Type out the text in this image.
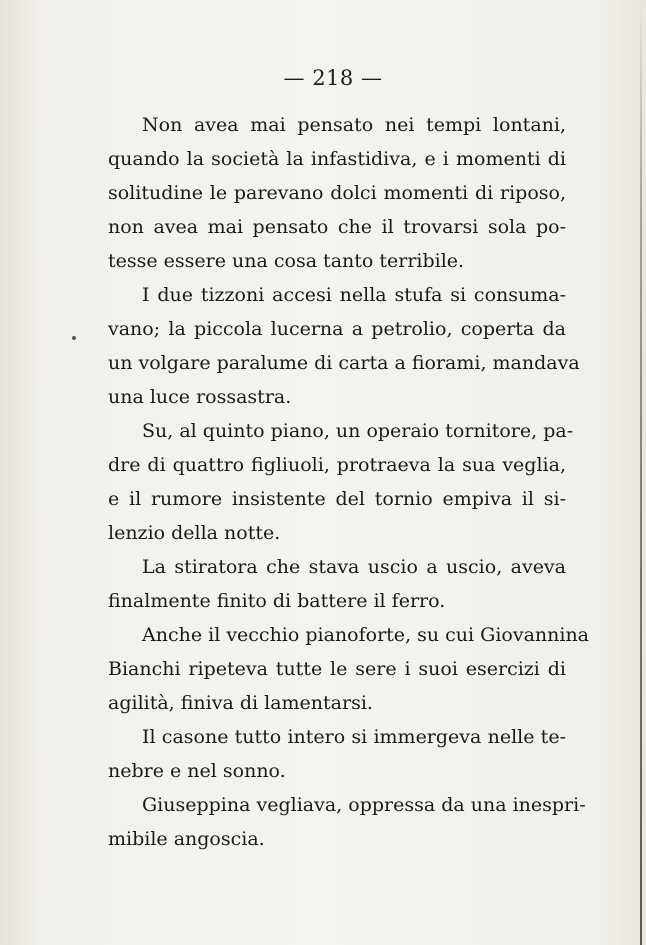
— 218 —
Non avea mai pensato nei tempi lontani,
quando la società la infastidiva, e i momenti di
solitudine le parevano dolci momenti di riposo,
non avea mai pensato che il trovarsi sola po-
tesse essere una cosa tanto terribile.
I due tizzoni accesi nella stufa si consuma-
vano; la piccola lucerna a petrolio, coperta da
un volgare paralume di carta a fiorami, mandava
una luce rossastra.
Su, al quinto piano, un operaio tornitore, pa-
dre di quattro figliuoli, protraeva la sua veglia,
e il rumore insistente del tornio empiva il si-
lenzio della notte.
La stiratora che stava uscio a uscio, aveva
finalmente finito di battere il ferro.
Anche il vecchio pianoforte, su cui Giovannina
Bianchi ripeteva tutte le sere i suoi esercizi di
agilità, finiva di lamentarsi.
Il casone tutto intero si immergeva nelle te-
nebre e nel sonno.
Giuseppina vegliava, oppressa da una inespri-
mibile angoscia.
